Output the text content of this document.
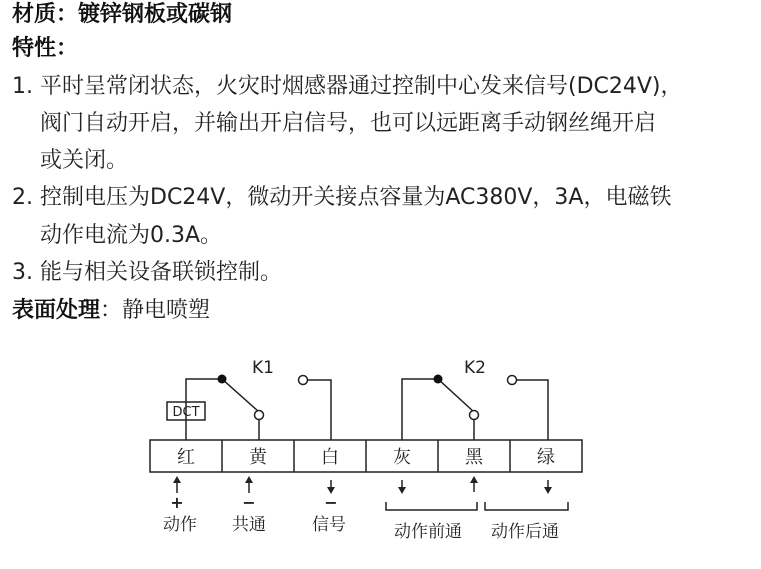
材质：镀锌钢板或碳钢
特性：
1. 平时呈常闭状态，火灾时烟感器通过控制中心发来信号(DC24V)，
阀门自动开启，并输出开启信号，也可以远距离手动钢丝绳开启
或关闭。
2. 控制电压为DC24V，微动开关接点容量为AC380V，3A，电磁铁
动作电流为0.3A。
3. 能与相关设备联锁控制。
表面处理：静电喷塑
K1	K2
DCT
红	黄	白	灰	黑	绿
+	−	−
动作 共通	信号	动作前通 动作后通
